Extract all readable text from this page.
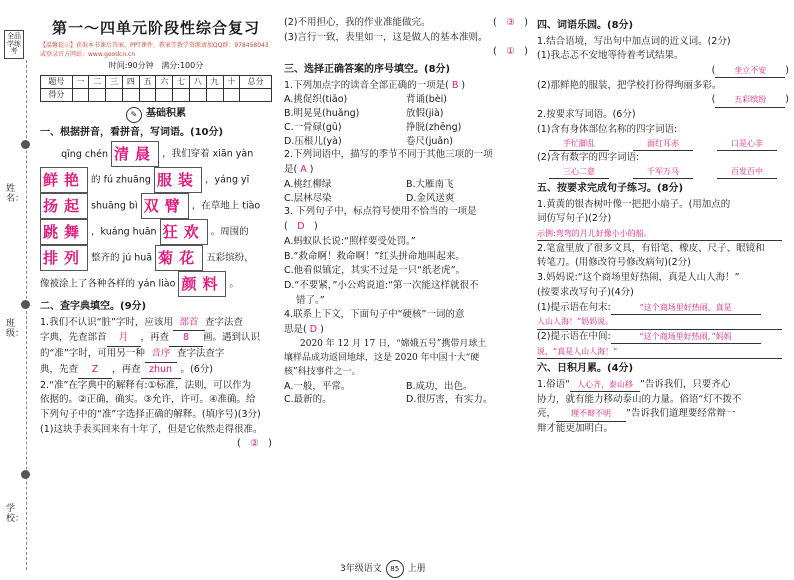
全品学练考
姓名：
班级：
学校：
第一～四单元阶段性综合复习
【温馨提示】获取本书课后答案、PPT课件、教案等教学资源请加QQ群：978458043
或登录官方网站：www.goodcn.cn
时间:90分钟 满分:100分
题号	一	二	三	四	五	六	七	八	九	十	总分
得分											
✎ 基础积累
一、根据拼音，看拼音，写词语。(10分)
qīng chén 清晨 ，我们穿着 xiān yàn
鲜艳 的 fú zhuāng 服装 ，yáng yī
扬起 shuāng bì 双臂 ，在草地上 tiào
跳舞 ，kuáng huān 狂欢 。周围的
排列 整齐的 jú huā 菊花 五彩缤纷，
像被涂上了各种各样的 yán liào 颜料 。
二、查字典填空。(9分)
1.我们不认识“脏”字时，应该用 部首 查字法查
字典，先查部首 月 ，再查 8 画。遇到认识
的“准”字时，可用另一种 音序 查字法查字
典，先查 Z ，再查 zhun 。(6分)
2.“准”在字典中的解释有:①标准，法则，可以作为
依据的。②正确，确实。③允许，许可。④准确。给
下列句子中的“准”字选择正确的解释。(填序号)(3分)
(1)这块手表买回来有十年了，但是它依然走得很准。
(　②　)
(2)不用担心，我的作业准能做完。	(　③　)
(3)言行一致，表里如一，这是做人的基本准则。
(　①　)
三、选择正确答案的序号填空。(8分)
1.下列加点字的读音全部正确的一项是( B )
A.挑促织(tiāo)	背诵(bèi)
B.明晃晃(huǎng)	放假(jià)
C.一骨碌(gū)	挣脱(zhēng)
D.压根儿(yà)	卷尺(juǎn)
2.下列词语中，描写的季节不同于其他三项的一项
是( A )
A.桃红柳绿	B.大雁南飞
C.层林尽染	D.金风送爽
3. 下列句子中，标点符号使用不恰当的一项是
(　D　)
A.蚂蚁队长说:“照样要受处罚。”
B.“救命啊！救命啊！”红头拼命地叫起来。
C.他看似镇定，其实不过是一只“纸老虎”。
D.“不要紧，”小公鸡说道:“第一次能这样就很不
错了。”
4.联系上下文，下面句子中“硬核”一词的意
思是( D )
2020 年 12 月 17 日，“嫦娥五号”携带月球土
壤样品成功返回地球，这是 2020 年中国十大“硬
核”科技事件之一。
A.一般，平常。	B.成功，出色。
C.最新的。	D.很厉害，有实力。
四、词语乐园。(8分)
1.结合语境，写出句中加点词的近义词。(2分)
(1)我忐忑不安地等待着考试结果。
( 坐立不安 )
(2)那鲜艳的服装，把学校打扮得绚丽多彩。
( 五彩缤纷 )
2.按要求写词语。(6分)
(1)含有身体部位名称的四字词语:
手忙脚乱	面红耳赤	口是心非
(2)含有数字的四字词语:
三心二意	千军万马	百发百中
五、按要求完成句子练习。(8分)
1.黄黄的银杏树叶像一把把小扇子。(用加点的
词仿写句子)(2分)
示例:弯弯的月儿好像小小的船。
2.笔盒里放了很多文具，有铅笔、橡皮、尺子、眼镜和
转笔刀。(用修改符号修改病句)(2分)
3.妈妈说:“这个商场里好热闹，真是人山人海！”
(按要求改写句子)(4分)
(1)提示语在句末:	“这个商场里好热闹，真是
人山人海！”妈妈说。
(2)提示语在中间:	“这个商场里好热闹，”妈妈
说，“真是人山人海！”
六、日积月累。(4分)
1.俗语“ 人心齐，泰山移 ”告诉我们，只要齐心
协力，就有能力移动泰山的力量。俗语“灯不拨不
亮， 理不辩不明 ”告诉我们道理要经常辩一
辩才能更加明白。
3年级语文 85 上册
